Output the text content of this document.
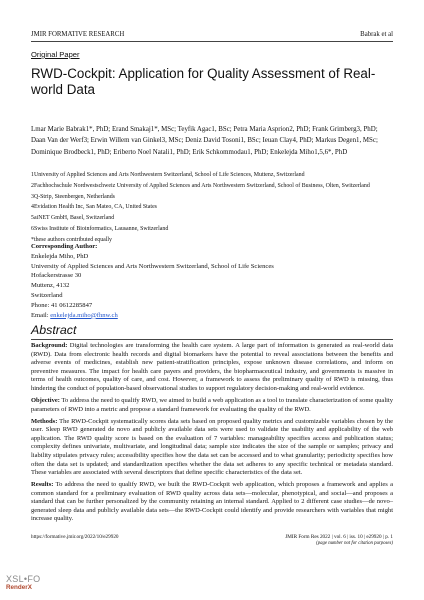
JMIR FORMATIVE RESEARCH	Babrak et al
Original Paper
RWD-Cockpit: Application for Quality Assessment of Real-world Data
Lmar Marie Babrak1*, PhD; Erand Smakaj1*, MSc; Teyfik Agac1, BSc; Petra Maria Asprion2, PhD; Frank Grimberg3, PhD; Daan Van der Werf3; Erwin Willem van Ginkel3, MSc; Deniz David Tosoni1, BSc; Ieuan Clay4, PhD; Markus Degen1, MSc; Dominique Brodbeck1, PhD; Eriberto Noel Natali1, PhD; Erik Schkommodau1, PhD; Enkelejda Miho1,5,6*, PhD
1University of Applied Sciences and Arts Northwestern Switzerland, School of Life Sciences, Muttenz, Switzerland
2Fachhochschule Nordwestschweiz University of Applied Sciences and Arts Northwestern Switzerland, School of Business, Olten, Switzerland
3Q-Strip, Steenbergen, Netherlands
4Evidation Health Inc, San Mateo, CA, United States
5aiNET GmbH, Basel, Switzerland
6Swiss Institute of Bioinformatics, Lausanne, Switzerland
*these authors contributed equally
Corresponding Author:
Enkelejda Miho, PhD
University of Applied Sciences and Arts Northwestern Switzerland, School of Life Sciences
Hofackerstrasse 30
Muttenz, 4132
Switzerland
Phone: 41 0612285847
Email: enkelejda.miho@fhnw.ch
Abstract

Background: Digital technologies are transforming the health care system. A large part of information is generated as real-world data (RWD). Data from electronic health records and digital biomarkers have the potential to reveal associations between the benefits and adverse events of medicines, establish new patient-stratification principles, expose unknown disease correlations, and inform on preventive measures. The impact for health care payers and providers, the biopharmaceutical industry, and governments is massive in terms of health outcomes, quality of care, and cost. However, a framework to assess the preliminary quality of RWD is missing, thus hindering the conduct of population-based observational studies to support regulatory decision-making and real-world evidence.

Objective: To address the need to qualify RWD, we aimed to build a web application as a tool to translate characterization of some quality parameters of RWD into a metric and propose a standard framework for evaluating the quality of the RWD.

Methods: The RWD-Cockpit systematically scores data sets based on proposed quality metrics and customizable variables chosen by the user. Sleep RWD generated de novo and publicly available data sets were used to validate the usability and applicability of the web application. The RWD quality score is based on the evaluation of 7 variables: manageability specifies access and publication status; complexity defines univariate, multivariate, and longitudinal data; sample size indicates the size of the sample or samples; privacy and liability stipulates privacy rules; accessibility specifies how the data set can be accessed and to what granularity; periodicity specifies how often the data set is updated; and standardization specifies whether the data set adheres to any specific technical or metadata standard. These variables are associated with several descriptors that define specific characteristics of the data set.

Results: To address the need to qualify RWD, we built the RWD-Cockpit web application, which proposes a framework and applies a common standard for a preliminary evaluation of RWD quality across data sets—molecular, phenotypical, and social—and proposes a standard that can be further personalized by the community retaining an internal standard. Applied to 2 different case studies—de novo–generated sleep data and publicly available data sets—the RWD-Cockpit could identify and provide researchers with variables that might increase quality.

https://formative.jmir.org/2022/10/e29920	JMIR Form Res 2022 | vol. 6 | iss. 10 | e29920 | p. 1
(page number not for citation purposes)
XSL•FO
RenderX
